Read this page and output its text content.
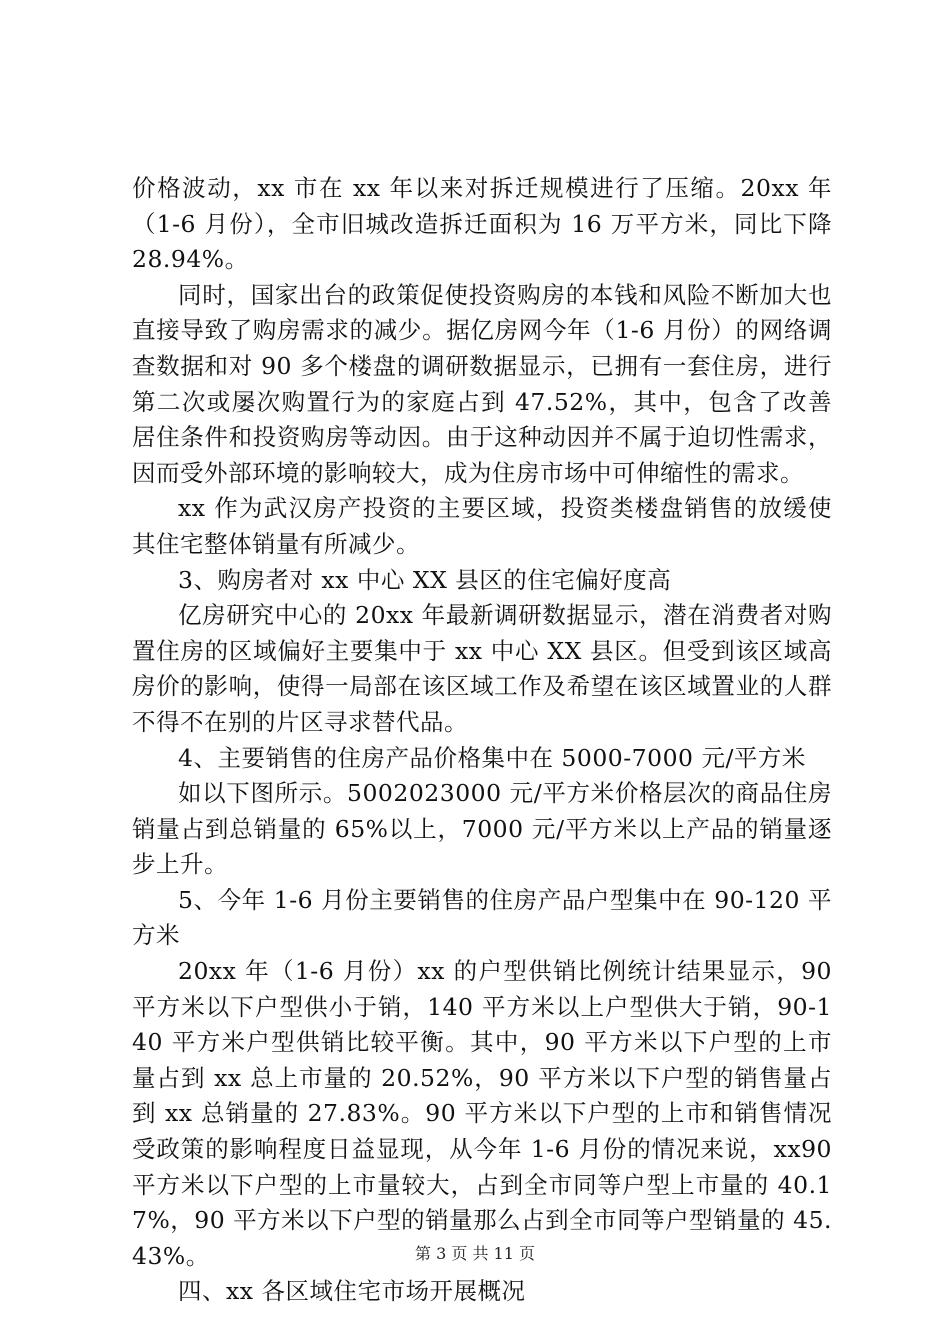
价格波动，xx 市在 xx 年以来对拆迁规模进行了压缩。20xx 年（1-6 月份），全市旧城改造拆迁面积为 16 万平方米，同比下降 28.94%。

同时，国家出台的政策促使投资购房的本钱和风险不断加大也直接导致了购房需求的减少。据亿房网今年（1-6 月份）的网络调查数据和对 90 多个楼盘的调研数据显示，已拥有一套住房，进行第二次或屡次购置行为的家庭占到 47.52%，其中，包含了改善居住条件和投资购房等动因。由于这种动因并不属于迫切性需求，因而受外部环境的影响较大，成为住房市场中可伸缩性的需求。

xx 作为武汉房产投资的主要区域，投资类楼盘销售的放缓使其住宅整体销量有所减少。

3、购房者对 xx 中心 XX 县区的住宅偏好度高

亿房研究中心的 20xx 年最新调研数据显示，潜在消费者对购置住房的区域偏好主要集中于 xx 中心 XX 县区。但受到该区域高房价的影响，使得一局部在该区域工作及希望在该区域置业的人群不得不在别的片区寻求替代品。

4、主要销售的住房产品价格集中在 5000-7000 元/平方米

如以下图所示。5002023000 元/平方米价格层次的商品住房销量占到总销量的 65%以上，7000 元/平方米以上产品的销量逐步上升。

5、今年 1-6 月份主要销售的住房产品户型集中在 90-120 平方米

20xx 年（1-6 月份）xx 的户型供销比例统计结果显示，90 平方米以下户型供小于销，140 平方米以上户型供大于销，90-140 平方米户型供销比较平衡。其中，90 平方米以下户型的上市量占到 xx 总上市量的 20.52%，90 平方米以下户型的销售量占到 xx 总销量的 27.83%。90 平方米以下户型的上市和销售情况受政策的影响程度日益显现，从今年 1-6 月份的情况来说，xx90 平方米以下户型的上市量较大，占到全市同等户型上市量的 40.17%，90 平方米以下户型的销量那么占到全市同等户型销量的 45.43%。

四、xx 各区域住宅市场开展概况

第 3 页 共 11 页
